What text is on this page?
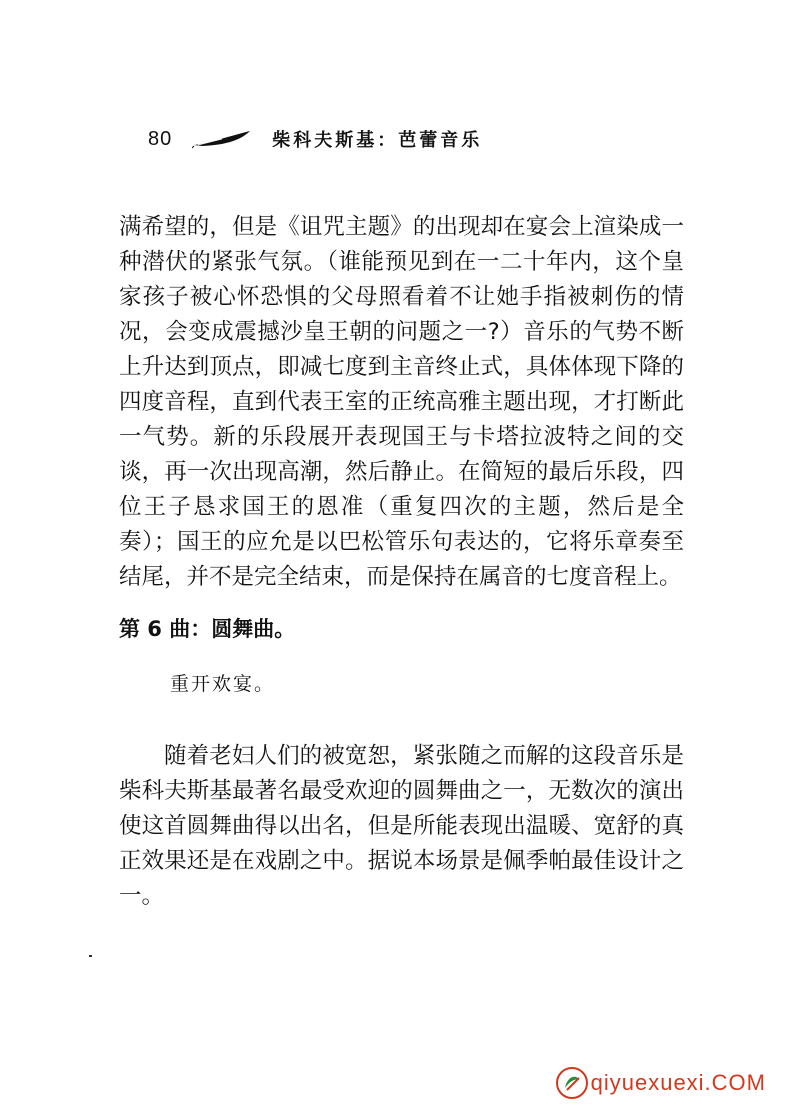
80	柴科夫斯基：芭蕾音乐

满希望的，但是《诅咒主题》的出现却在宴会上渲染成一种潜伏的紧张气氛。（谁能预见到在一二十年内，这个皇家孩子被心怀恐惧的父母照看着不让她手指被刺伤的情况，会变成震撼沙皇王朝的问题之一?）音乐的气势不断上升达到顶点，即减七度到主音终止式，具体体现下降的四度音程，直到代表王室的正统高雅主题出现，才打断此一气势。新的乐段展开表现国王与卡塔拉波特之间的交谈，再一次出现高潮，然后静止。在简短的最后乐段，四位王子恳求国王的恩准（重复四次的主题，然后是全奏）；国王的应允是以巴松管乐句表达的，它将乐章奏至结尾，并不是完全结束，而是保持在属音的七度音程上。

第 6 曲：圆舞曲。
重开欢宴。

随着老妇人们的被宽恕，紧张随之而解的这段音乐是柴科夫斯基最著名最受欢迎的圆舞曲之一，无数次的演出使这首圆舞曲得以出名，但是所能表现出温暖、宽舒的真正效果还是在戏剧之中。据说本场景是佩季帕最佳设计之一。

qiyuexuexi.COM
